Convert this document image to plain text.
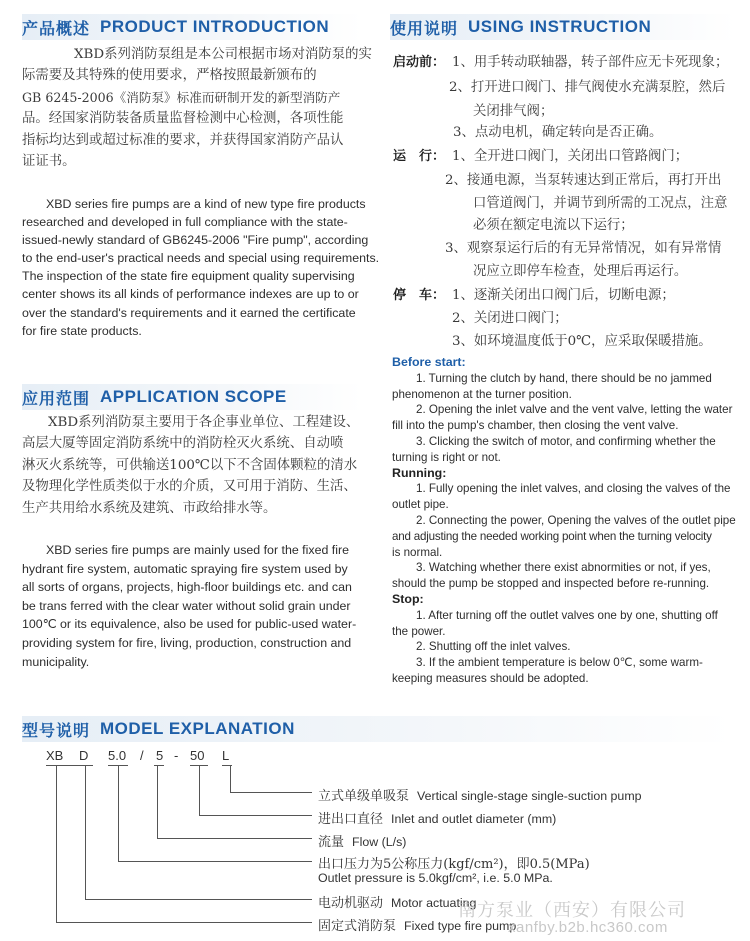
产品概述 PRODUCT INTRODUCTION
XBD系列消防泵组是本公司根据市场对消防泵的实
际需要及其特殊的使用要求，严格按照最新颁布的
GB 6245-2006《消防泵》标准而研制开发的新型消防产
品。经国家消防装备质量监督检测中心检测，各项性能
指标均达到或超过标准的要求，并获得国家消防产品认
证证书。
XBD series fire pumps are a kind of new type fire products
researched and developed in full compliance with the state-
issued-newly standard of GB6245-2006 "Fire pump", according
to the end-user's practical needs and special using requirements.
The inspection of the state fire equipment quality supervising
center shows its all kinds of performance indexes are up to or
over the standard's requirements and it earned the certificate
for fire state products.
应用范围 APPLICATION SCOPE
XBD系列消防泵主要用于各企事业单位、工程建设、
高层大厦等固定消防系统中的消防栓灭火系统、自动喷
淋灭火系统等，可供输送100℃以下不含固体颗粒的清水
及物理化学性质类似于水的介质，又可用于消防、生活、
生产共用给水系统及建筑、市政给排水等。
XBD series fire pumps are mainly used for the fixed fire
hydrant fire system, automatic spraying fire system used by
all sorts of organs, projects, high-floor buildings etc. and can
be trans ferred with the clear water without solid grain under
100℃ or its equivalence, also be used for public-used water-
providing system for fire, living, production, construction and
municipality.
使用说明 USING INSTRUCTION
启动前： 1、用手转动联轴器，转子部件应无卡死现象；
2、打开进口阀门、排气阀使水充满泵腔，然后
关闭排气阀；
3、点动电机，确定转向是否正确。
运　行： 1、全开进口阀门，关闭出口管路阀门；
2、接通电源，当泵转速达到正常后，再打开出
口管道阀门，并调节到所需的工况点，注意
必须在额定电流以下运行；
3、观察泵运行后的有无异常情况，如有异常情
况应立即停车检查，处理后再运行。
停　车： 1、逐渐关闭出口阀门后，切断电源；
2、关闭进口阀门；
3、如环境温度低于0℃，应采取保暖措施。
Before start:
1. Turning the clutch by hand, there should be no jammed
phenomenon at the turner position.
2. Opening the inlet valve and the vent valve, letting the water
fill into the pump's chamber, then closing the vent valve.
3. Clicking the switch of motor, and confirming whether the
turning is right or not.
Running:
1. Fully opening the inlet valves, and closing the valves of the
outlet pipe.
2. Connecting the power, Opening the valves of the outlet pipe
and adjusting the needed working point when the turning velocity
is normal.
3. Watching whether there exist abnormities or not, if yes,
should the pump be stopped and inspected before re-running.
Stop:
1. After turning off the outlet valves one by one, shutting off
the power.
2. Shutting off the inlet valves.
3. If the ambient temperature is below 0℃, some warm-
keeping measures should be adopted.
型号说明 MODEL EXPLANATION
XB D 5.0 / 5 - 50 L
立式单级单吸泵 Vertical single-stage single-suction pump
进出口直径 Inlet and outlet diameter (mm)
流量 Flow (L/s)
出口压力为5公称压力(kgf/cm²)，即0.5(MPa)
Outlet pressure is 5.0kgf/cm², i.e. 5.0 MPa.
电动机驱动 Motor actuating
固定式消防泵 Fixed type fire pump
南方泵业（西安）有限公司
xanfby.b2b.hc360.com
